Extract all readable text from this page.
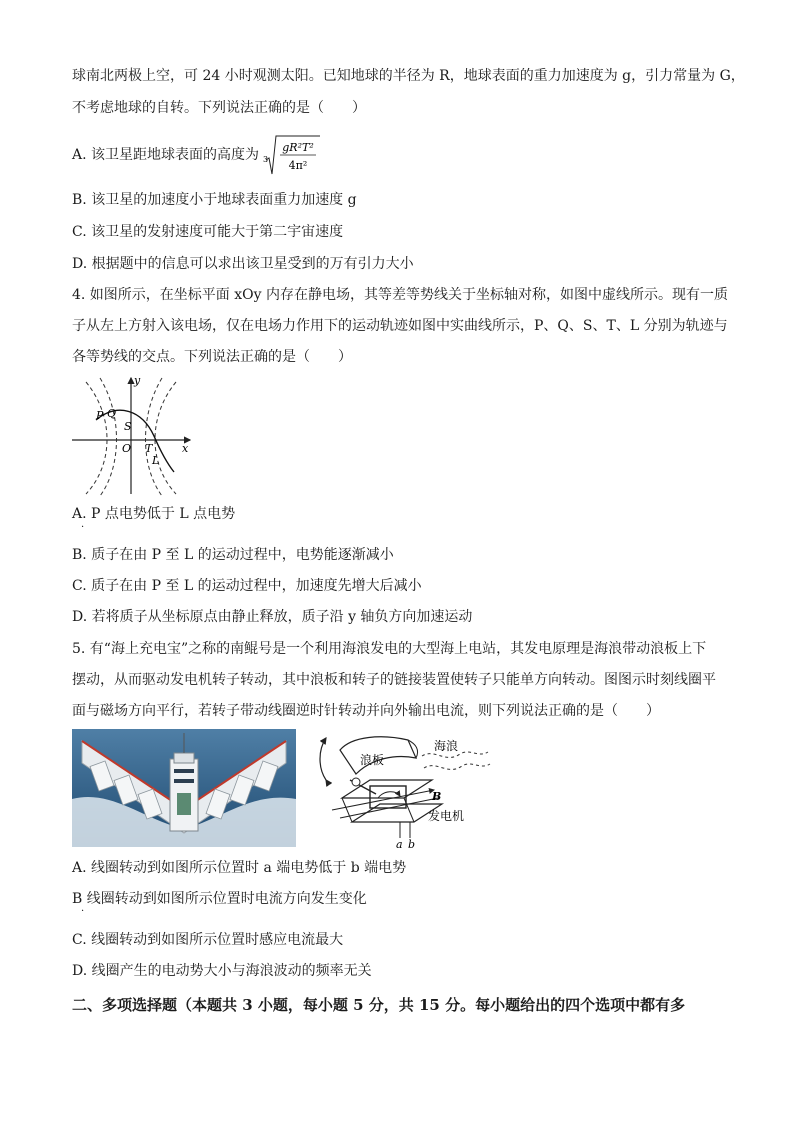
球南北两极上空，可 24 小时观测太阳。已知地球的半径为 R，地球表面的重力加速度为 g，引力常量为 G，
不考虑地球的自转。下列说法正确的是（　　）
A. 该卫星距地球表面的高度为 3
gR²T²
4π²
B. 该卫星的加速度小于地球表面重力加速度 g
C. 该卫星的发射速度可能大于第二宇宙速度
D. 根据题中的信息可以求出该卫星受到的万有引力大小
4. 如图所示，在坐标平面 xOy 内存在静电场，其等差等势线关于坐标轴对称，如图中虚线所示。现有一质
子从左上方射入该电场，仅在电场力作用下的运动轨迹如图中实曲线所示，P、Q、S、T、L 分别为轨迹与
各等势线的交点。下列说法正确的是（　　）
y
x
O
P Q
S
T
L
A. P 点电势低于 L 点电势
·
B. 质子在由 P 至 L 的运动过程中，电势能逐渐减小
C. 质子在由 P 至 L 的运动过程中，加速度先增大后减小
D. 若将质子从坐标原点由静止释放，质子沿 y 轴负方向加速运动
5. 有“海上充电宝”之称的南鲲号是一个利用海浪发电的大型海上电站，其发电原理是海浪带动浪板上下
摆动，从而驱动发电机转子转动，其中浪板和转子的链接装置使转子只能单方向转动。图图示时刻线圈平
面与磁场方向平行，若转子带动线圈逆时针转动并向外输出电流，则下列说法正确的是（　　）
海浪
浪板
B
发电机
a b
A. 线圈转动到如图所示位置时 a 端电势低于 b 端电势
B 线圈转动到如图所示位置时电流方向发生变化
·
C. 线圈转动到如图所示位置时感应电流最大
D. 线圈产生的电动势大小与海浪波动的频率无关
二、多项选择题（本题共 3 小题，每小题 5 分，共 15 分。每小题给出的四个选项中都有多
